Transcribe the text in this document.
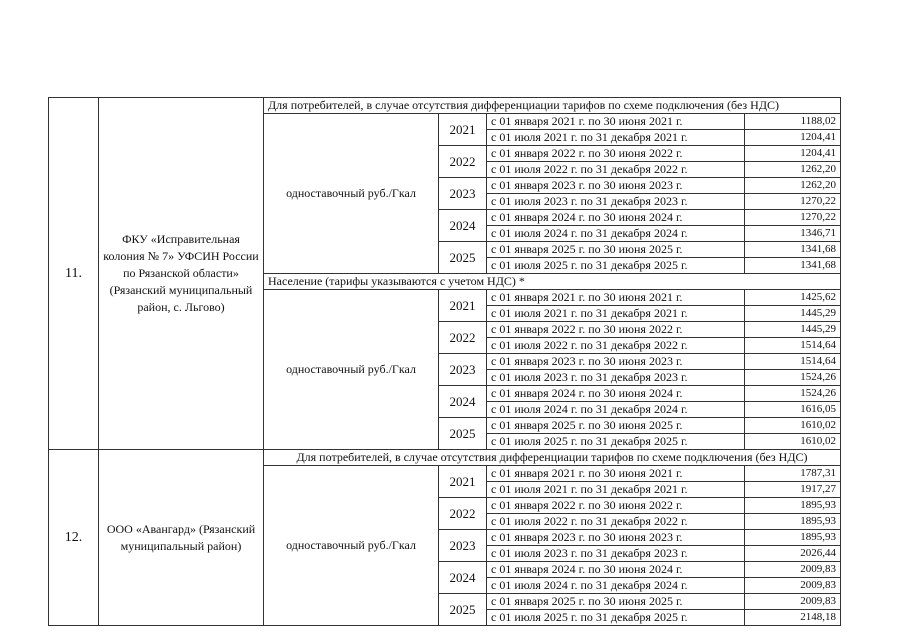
11.	ФКУ «Исправительная колония № 7» УФСИН России по Рязанской области» (Рязанский муниципальный район, с. Льгово)	Для потребителей, в случае отсутствия дифференциации тарифов по схеме подключения (без НДС)			
		одноставочный руб./Гкал	2021	с 01 января 2021 г. по 30 июня 2021 г.	1188,02
				с 01 июля 2021 г. по 31 декабря 2021 г.	1204,41
			2022	с 01 января 2022 г. по 30 июня 2022 г.	1204,41
				с 01 июля 2022 г. по 31 декабря 2022 г.	1262,20
			2023	с 01 января 2023 г. по 30 июня 2023 г.	1262,20
				с 01 июля 2023 г. по 31 декабря 2023 г.	1270,22
			2024	с 01 января 2024 г. по 30 июня 2024 г.	1270,22
				с 01 июля 2024 г. по 31 декабря 2024 г.	1346,71
			2025	с 01 января 2025 г. по 30 июня 2025 г.	1341,68
				с 01 июля 2025 г. по 31 декабря 2025 г.	1341,68
		Население (тарифы указываются с учетом НДС) *			
		одноставочный руб./Гкал	2021	с 01 января 2021 г. по 30 июня 2021 г.	1425,62
				с 01 июля 2021 г. по 31 декабря 2021 г.	1445,29
			2022	с 01 января 2022 г. по 30 июня 2022 г.	1445,29
				с 01 июля 2022 г. по 31 декабря 2022 г.	1514,64
			2023	с 01 января 2023 г. по 30 июня 2023 г.	1514,64
				с 01 июля 2023 г. по 31 декабря 2023 г.	1524,26
			2024	с 01 января 2024 г. по 30 июня 2024 г.	1524,26
				с 01 июля 2024 г. по 31 декабря 2024 г.	1616,05
			2025	с 01 января 2025 г. по 30 июня 2025 г.	1610,02
				с 01 июля 2025 г. по 31 декабря 2025 г.	1610,02
12.	ООО «Авангард» (Рязанский муниципальный район)	Для потребителей, в случае отсутствия дифференциации тарифов по схеме подключения (без НДС)			
		одноставочный руб./Гкал	2021	с 01 января 2021 г. по 30 июня 2021 г.	1787,31
				с 01 июля 2021 г. по 31 декабря 2021 г.	1917,27
			2022	с 01 января 2022 г. по 30 июня 2022 г.	1895,93
				с 01 июля 2022 г. по 31 декабря 2022 г.	1895,93
			2023	с 01 января 2023 г. по 30 июня 2023 г.	1895,93
				с 01 июля 2023 г. по 31 декабря 2023 г.	2026,44
			2024	с 01 января 2024 г. по 30 июня 2024 г.	2009,83
				с 01 июля 2024 г. по 31 декабря 2024 г.	2009,83
			2025	с 01 января 2025 г. по 30 июня 2025 г.	2009,83
				с 01 июля 2025 г. по 31 декабря 2025 г.	2148,18
